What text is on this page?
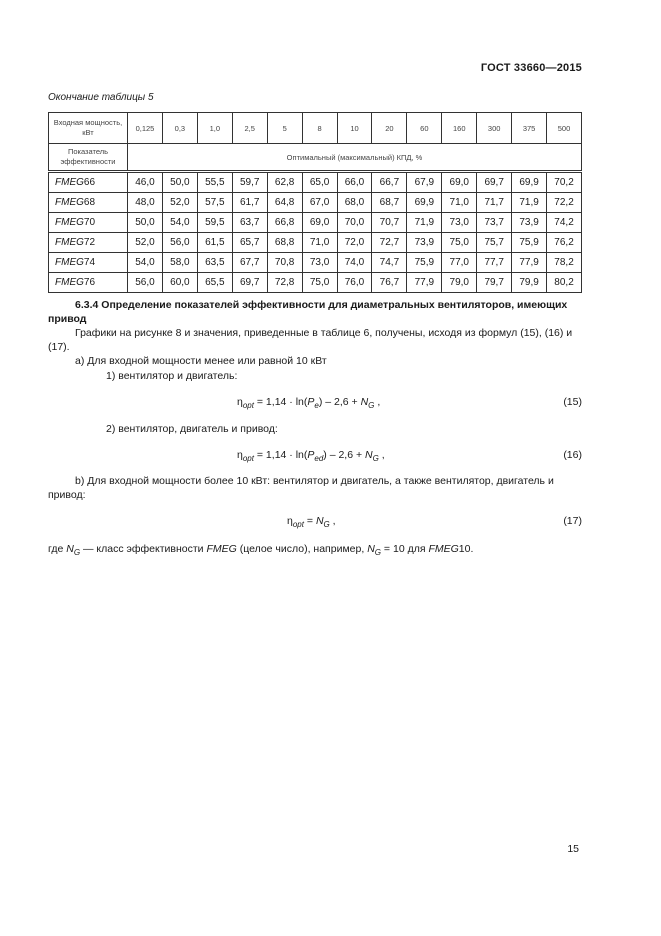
ГОСТ 33660—2015
Окончание таблицы 5
Входная мощность, кВт	0,125	0,3	1,0	2,5	5	8	10	20	60	160	300	375	500
Показатель эффективности	Оптимальный (максимальный) КПД, %												
FMEG66	46,0	50,0	55,5	59,7	62,8	65,0	66,0	66,7	67,9	69,0	69,7	69,9	70,2
FMEG68	48,0	52,0	57,5	61,7	64,8	67,0	68,0	68,7	69,9	71,0	71,7	71,9	72,2
FMEG70	50,0	54,0	59,5	63,7	66,8	69,0	70,0	70,7	71,9	73,0	73,7	73,9	74,2
FMEG72	52,0	56,0	61,5	65,7	68,8	71,0	72,0	72,7	73,9	75,0	75,7	75,9	76,2
FMEG74	54,0	58,0	63,5	67,7	70,8	73,0	74,0	74,7	75,9	77,0	77,7	77,9	78,2
FMEG76	56,0	60,0	65,5	69,7	72,8	75,0	76,0	76,7	77,9	79,0	79,7	79,9	80,2
6.3.4 Определение показателей эффективности для диаметральных вентиляторов, имеющих привод
Графики на рисунке 8 и значения, приведенные в таблице 6, получены, исходя из формул (15), (16) и (17).
a) Для входной мощности менее или равной 10 кВт
1) вентилятор и двигатель:
$\eta_{opt} = 1,14 \cdot \ln(P_e) - 2,6 + N_G$ ,	(15)
2) вентилятор, двигатель и привод:
$\eta_{opt} = 1,14 \cdot \ln(P_{ed}) - 2,6 + N_G$ ,	(16)
b) Для входной мощности более 10 кВт: вентилятор и двигатель, а также вентилятор, двигатель и привод:
$\eta_{opt} = N_G$ ,	(17)
где $N_G$ — класс эффективности FMEG (целое число), например, $N_G = 10$ для FMEG10.
15
